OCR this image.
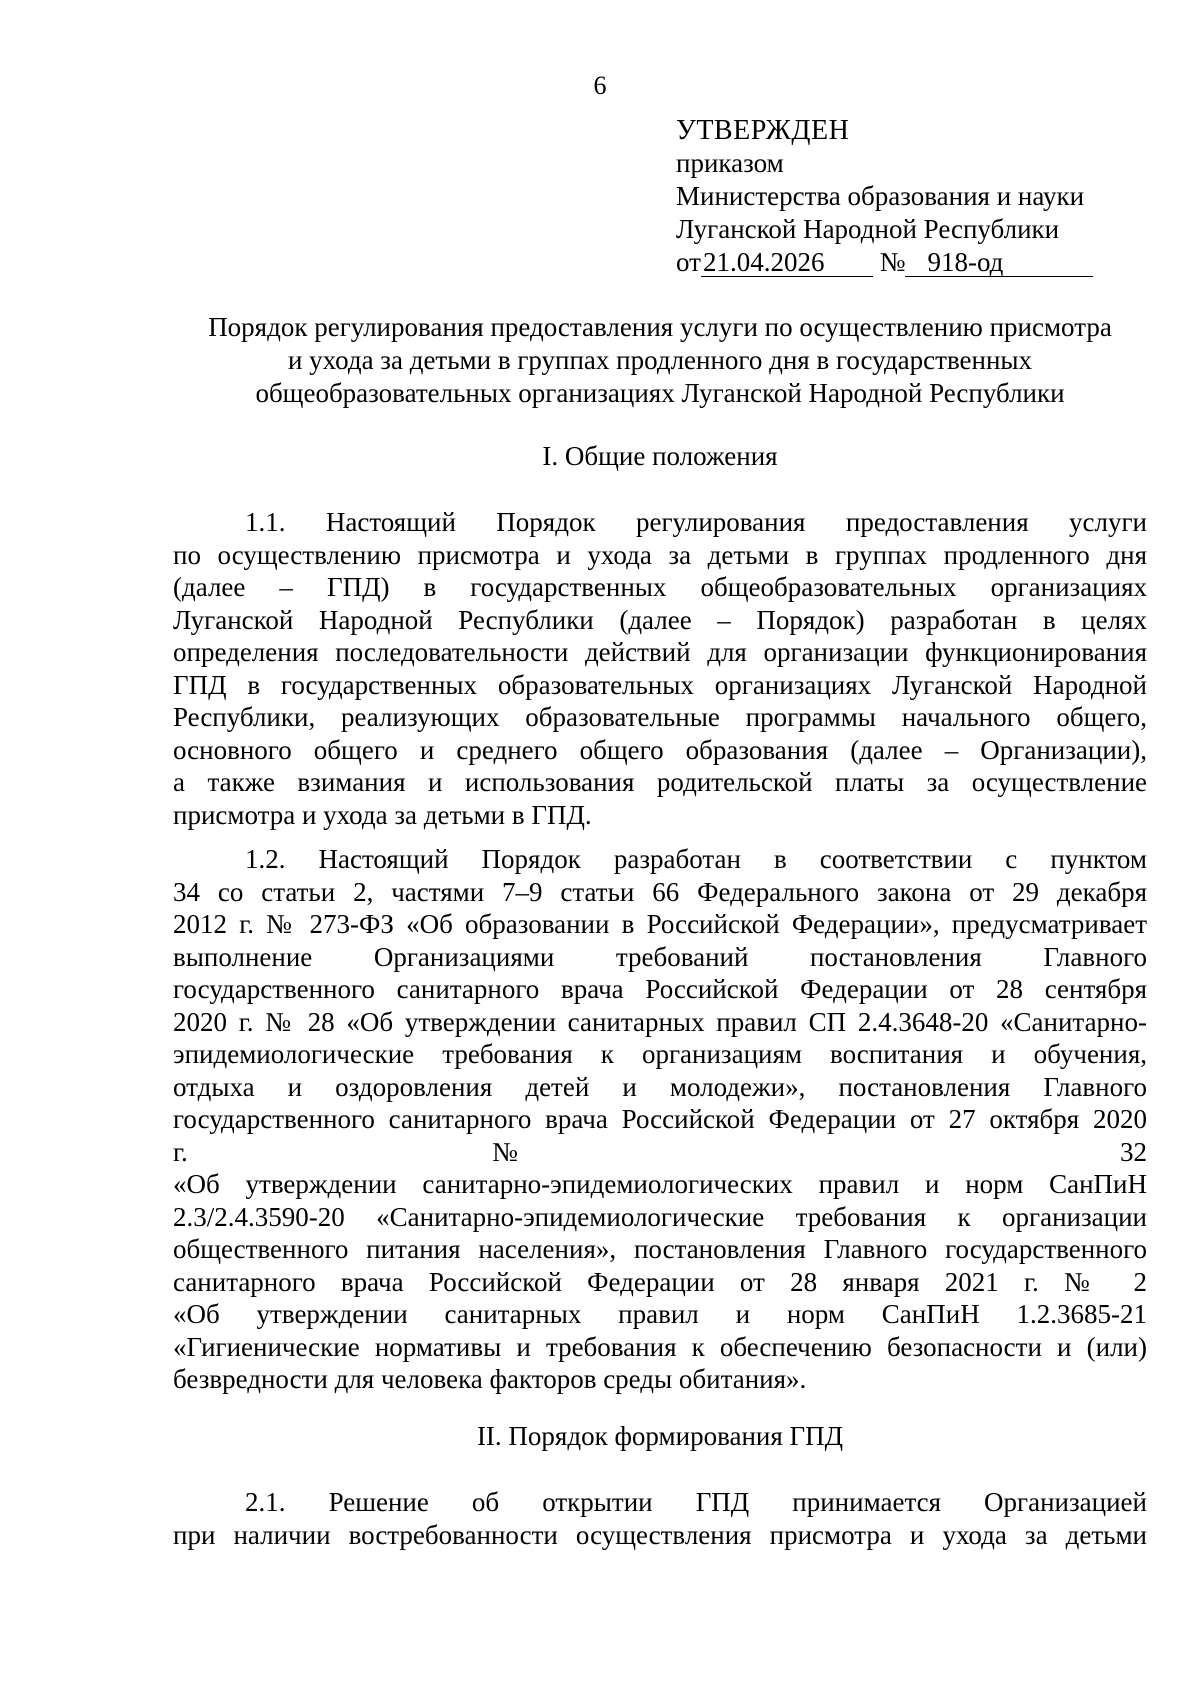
6
УТВЕРЖДЕН
приказом
Министерства образования и науки
Луганской Народной Республики
от21.04.2026 № 918-од
Порядок регулирования предоставления услуги по осуществлению присмотра
и ухода за детьми в группах продленного дня в государственных
общеобразовательных организациях Луганской Народной Республики
I. Общие положения
1.1. Настоящий Порядок регулирования предоставления услуги
по осуществлению присмотра и ухода за детьми в группах продленного дня
(далее – ГПД) в государственных общеобразовательных организациях
Луганской Народной Республики (далее – Порядок) разработан в целях
определения последовательности действий для организации функционирования
ГПД в государственных образовательных организациях Луганской Народной
Республики, реализующих образовательные программы начального общего,
основного общего и среднего общего образования (далее – Организации),
а также взимания и использования родительской платы за осуществление
присмотра и ухода за детьми в ГПД.
1.2. Настоящий Порядок разработан в соответствии с пунктом
34 со статьи 2, частями 7–9 статьи 66 Федерального закона от 29 декабря
2012 г. № 273-ФЗ «Об образовании в Российской Федерации», предусматривает
выполнение Организациями требований постановления Главного
государственного санитарного врача Российской Федерации от 28 сентября
2020 г. № 28 «Об утверждении санитарных правил СП 2.4.3648-20 «Санитарно-
эпидемиологические требования к организациям воспитания и обучения,
отдыха и оздоровления детей и молодежи», постановления Главного
государственного санитарного врача Российской Федерации от 27 октября 2020
г. № 32
«Об утверждении санитарно-эпидемиологических правил и норм СанПиН
2.3/2.4.3590-20 «Санитарно-эпидемиологические требования к организации
общественного питания населения», постановления Главного государственного
санитарного врача Российской Федерации от 28 января 2021 г. № 2
«Об утверждении санитарных правил и норм СанПиН 1.2.3685-21
«Гигиенические нормативы и требования к обеспечению безопасности и (или)
безвредности для человека факторов среды обитания».
II. Порядок формирования ГПД
2.1. Решение об открытии ГПД принимается Организацией
при наличии востребованности осуществления присмотра и ухода за детьми
